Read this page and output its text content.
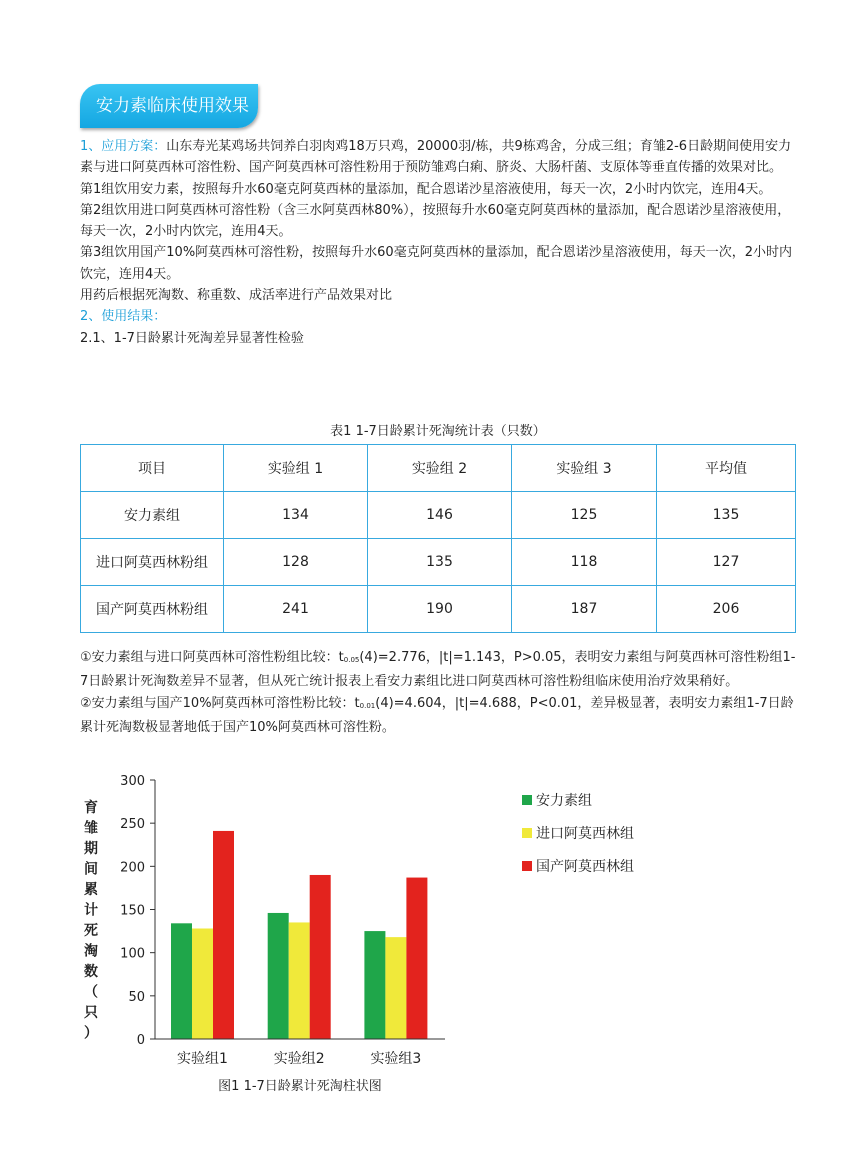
安力素临床使用效果

1、应用方案：山东寿光某鸡场共饲养白羽肉鸡18万只鸡，20000羽/栋，共9栋鸡舍，分成三组；育雏2-6日龄期间使用安力素与进口阿莫西林可溶性粉、国产阿莫西林可溶性粉用于预防雏鸡白痢、脐炎、大肠杆菌、支原体等垂直传播的效果对比。

第1组饮用安力素，按照每升水60毫克阿莫西林的量添加，配合恩诺沙星溶液使用，每天一次，2小时内饮完，连用4天。

第2组饮用进口阿莫西林可溶性粉（含三水阿莫西林80%），按照每升水60毫克阿莫西林的量添加，配合恩诺沙星溶液使用，每天一次，2小时内饮完，连用4天。

第3组饮用国产10%阿莫西林可溶性粉，按照每升水60毫克阿莫西林的量添加，配合恩诺沙星溶液使用，每天一次，2小时内饮完，连用4天。

用药后根据死淘数、称重数、成活率进行产品效果对比

2、使用结果：

2.1、1-7日龄累计死淘差异显著性检验

表1 1-7日龄累计死淘统计表（只数）
项目	实验组 1	实验组 2	实验组 3	平均值
安力素组	134	146	125	135
进口阿莫西林粉组	128	135	118	127
国产阿莫西林粉组	241	190	187	206

①安力素组与进口阿莫西林可溶性粉组比较：$t_{0.05}(4)=2.776$，|t|=1.143，P>0.05，表明安力素组与阿莫西林可溶性粉组1-7日龄累计死淘数差异不显著，但从死亡统计报表上看安力素组比进口阿莫西林可溶性粉组临床使用治疗效果稍好。

②安力素组与国产10%阿莫西林可溶性粉比较：$t_{0.01}(4)=4.604$，|t|=4.688，P<0.01，差异极显著，表明安力素组1-7日龄累计死淘数极显著地低于国产10%阿莫西林可溶性粉。

300
250
200
150
100
50
0
实验组1	实验组2	实验组3
育雏期间累计死淘数（只）
安力素组
进口阿莫西林组
国产阿莫西林组
图1 1-7日龄累计死淘柱状图
